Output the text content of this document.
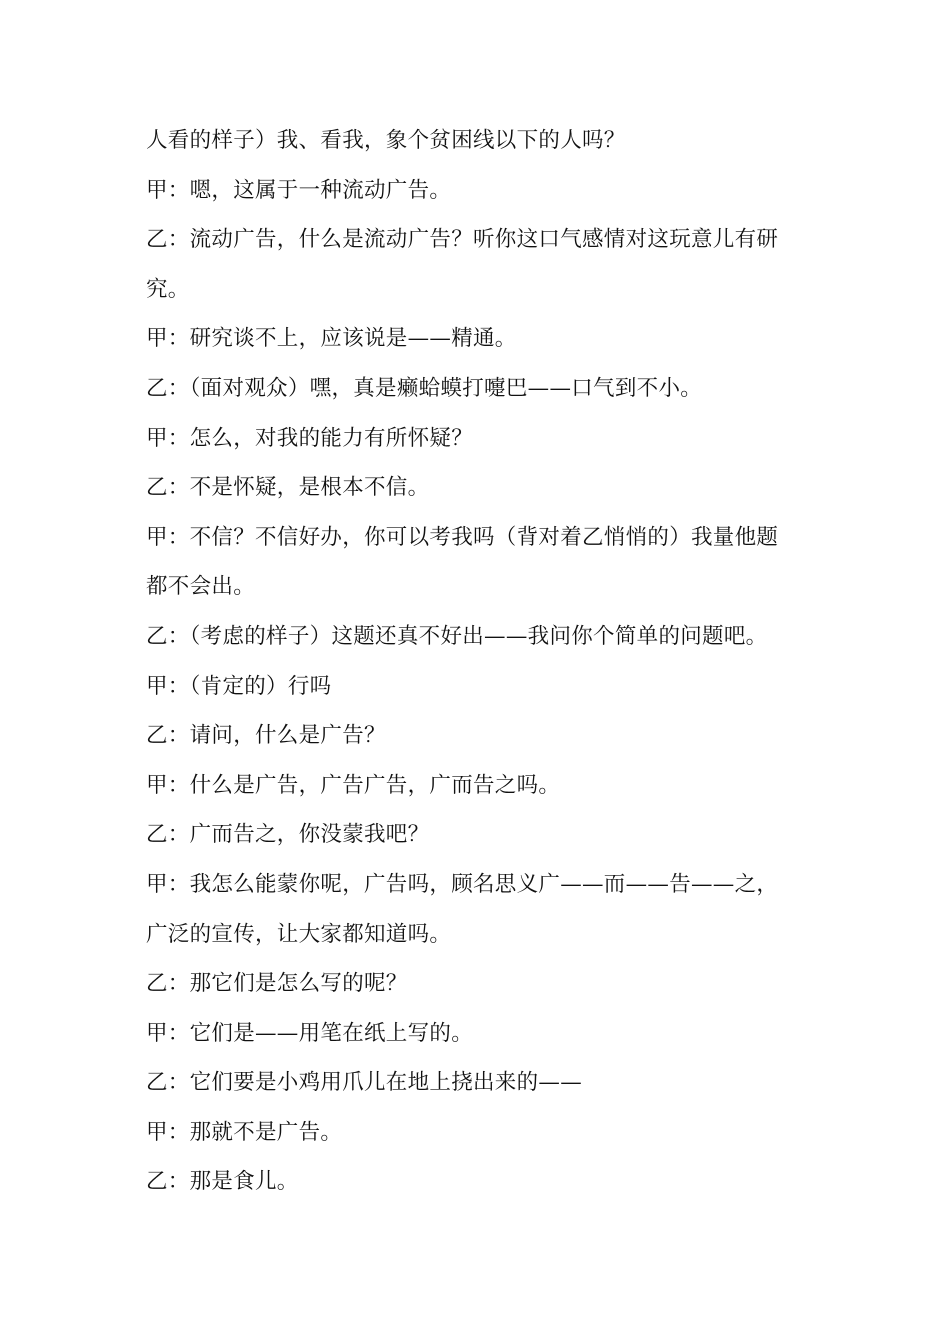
人看的样子）我、看我，象个贫困线以下的人吗？

甲：嗯，这属于一种流动广告。

乙：流动广告，什么是流动广告？听你这口气感情对这玩意儿有研

究。

甲：研究谈不上，应该说是——精通。

乙：（面对观众）嘿，真是癞蛤蟆打嚏巴——口气到不小。

甲：怎么，对我的能力有所怀疑？

乙：不是怀疑，是根本不信。

甲：不信？不信好办，你可以考我吗（背对着乙悄悄的）我量他题

都不会出。

乙：（考虑的样子）这题还真不好出——我问你个简单的问题吧。

甲：（肯定的）行吗

乙：请问，什么是广告？

甲：什么是广告，广告广告，广而告之吗。

乙：广而告之，你没蒙我吧？

甲：我怎么能蒙你呢，广告吗，顾名思义广——而——告——之，

广泛的宣传，让大家都知道吗。

乙：那它们是怎么写的呢？

甲：它们是——用笔在纸上写的。

乙：它们要是小鸡用爪儿在地上挠出来的——

甲：那就不是广告。

乙：那是食儿。
